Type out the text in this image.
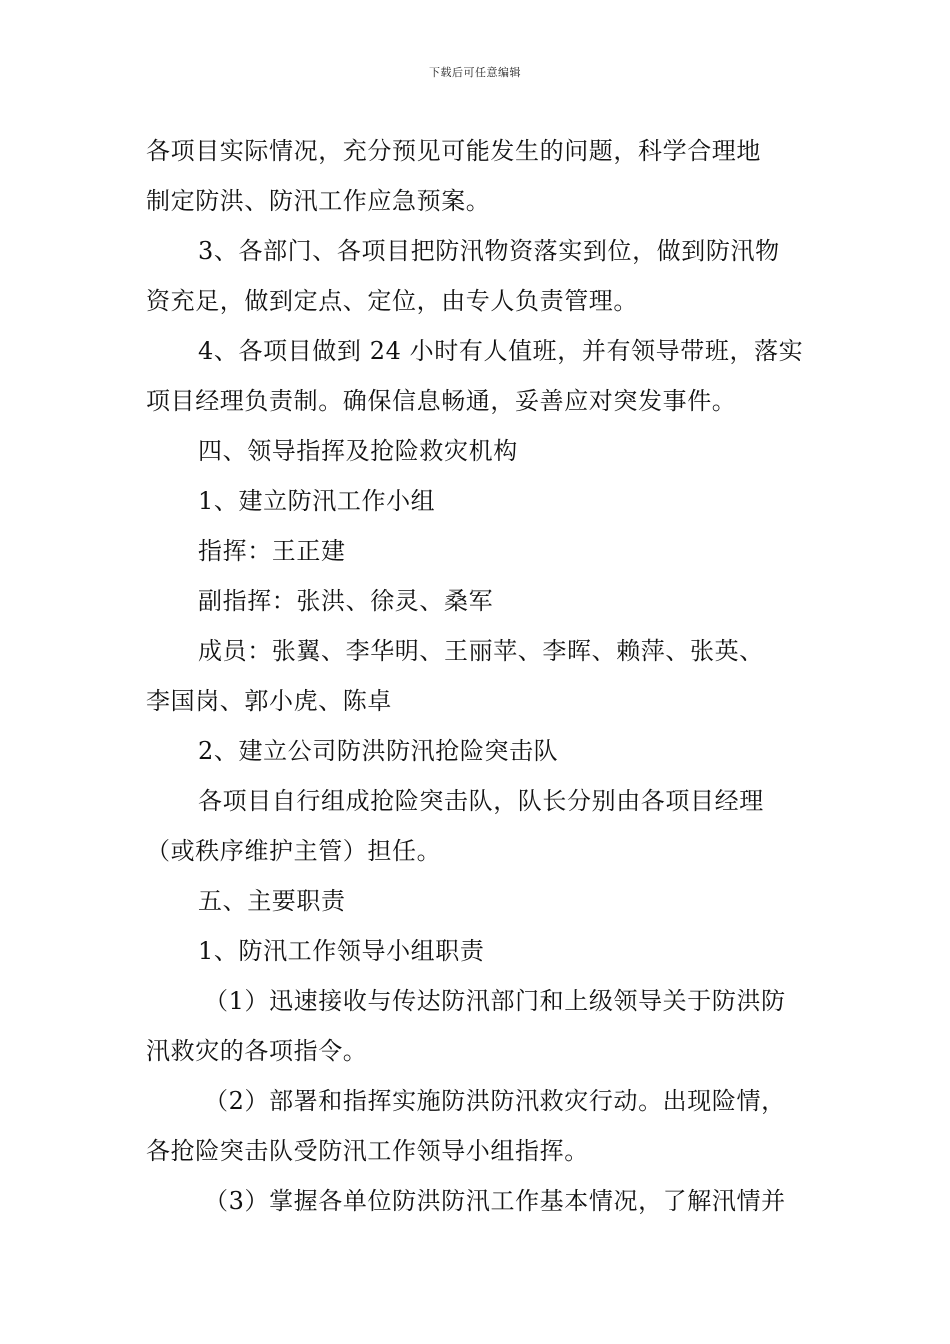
下载后可任意编辑
各项目实际情况，充分预见可能发生的问题，科学合理地
制定防洪、防汛工作应急预案。
3、各部门、各项目把防汛物资落实到位，做到防汛物
资充足，做到定点、定位，由专人负责管理。
4、各项目做到 24 小时有人值班，并有领导带班，落实
项目经理负责制。确保信息畅通，妥善应对突发事件。
四、领导指挥及抢险救灾机构
1、建立防汛工作小组
指挥：王正建
副指挥：张洪、徐灵、桑军
成员：张翼、李华明、王丽苹、李晖、赖萍、张英、
李国岗、郭小虎、陈卓
2、建立公司防洪防汛抢险突击队
各项目自行组成抢险突击队，队长分别由各项目经理
（或秩序维护主管）担任。
五、主要职责
1、防汛工作领导小组职责
（1）迅速接收与传达防汛部门和上级领导关于防洪防
汛救灾的各项指令。
（2）部署和指挥实施防洪防汛救灾行动。出现险情，
各抢险突击队受防汛工作领导小组指挥。
（3）掌握各单位防洪防汛工作基本情况，了解汛情并
